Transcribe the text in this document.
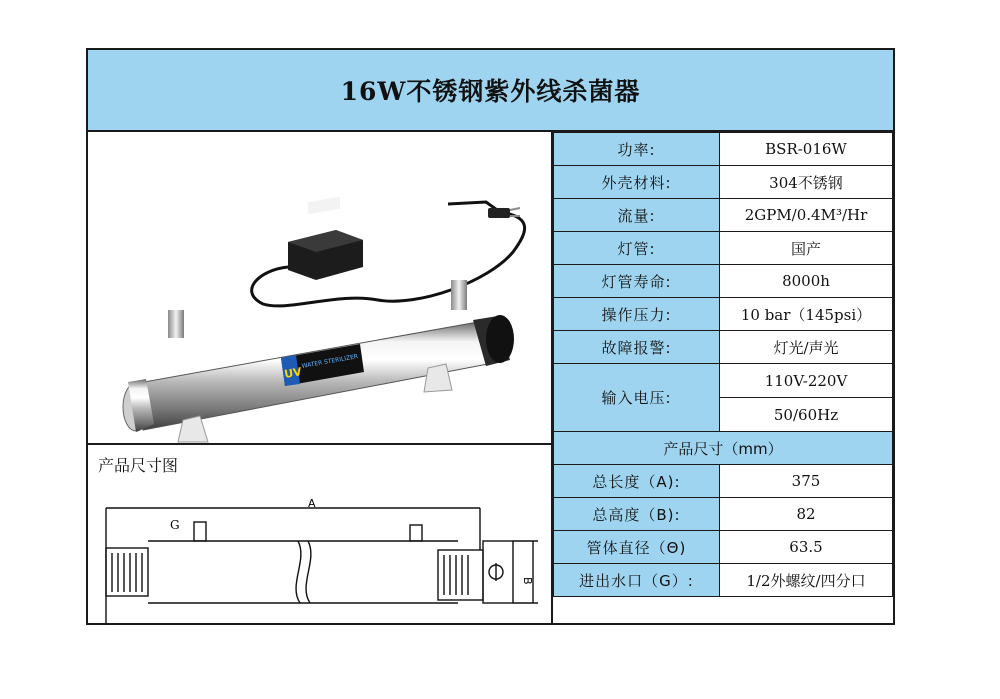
16W不锈钢紫外线杀菌器
UV
WATER STERILIZER
产品尺寸图
A
G
B
功率:	BSR-016W
外壳材料:	304不锈钢
流量:	2GPM/0.4M³/Hr
灯管:	国产
灯管寿命:	8000h
操作压力:	10 bar（145psi）
故障报警:	灯光/声光
输入电压:	110V-220V
	50/60Hz
产品尺寸（mm）	
总长度（A):	375
总高度（B):	82
管体直径（Θ)	63.5
进出水口（G）:	1/2外螺纹/四分口
